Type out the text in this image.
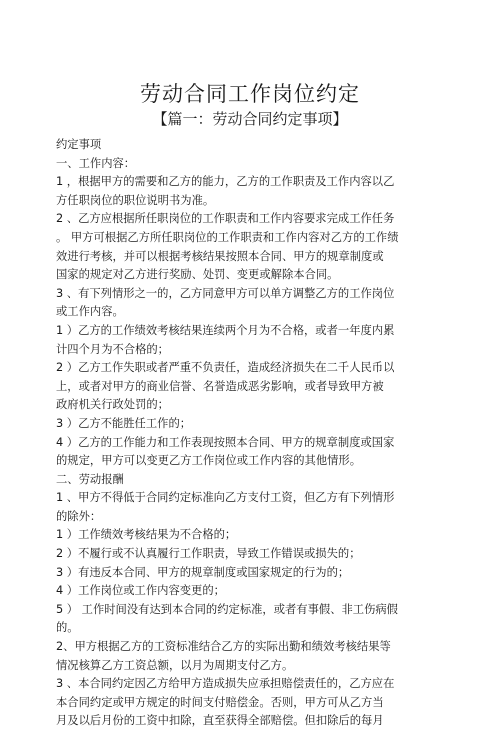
劳动合同工作岗位约定
【篇一：劳动合同约定事项】

约定事项

一、工作内容：

1 ，根据甲方的需要和乙方的能力，乙方的工作职责及工作内容以乙

方任职岗位的职位说明书为准。

2 、乙方应根据所任职岗位的工作职责和工作内容要求完成工作任务

。 甲方可根据乙方所任职岗位的工作职责和工作内容对乙方的工作绩

效进行考核，并可以根据考核结果按照本合同、甲方的规章制度或

国家的规定对乙方进行奖励、处罚、变更或解除本合同。

3 、有下列情形之一的，乙方同意甲方可以单方调整乙方的工作岗位

或工作内容。

1 ）乙方的工作绩效考核结果连续两个月为不合格，或者一年度内累

计四个月为不合格的；

2 ）乙方工作失职或者严重不负责任，造成经济损失在二千人民币以

上，或者对甲方的商业信誉、名誉造成恶劣影响，或者导致甲方被

政府机关行政处罚的；

3 ）乙方不能胜任工作的；

4 ）乙方的工作能力和工作表现按照本合同、甲方的规章制度或国家

的规定，甲方可以变更乙方工作岗位或工作内容的其他情形。

二、劳动报酬

1 、甲方不得低于合同约定标准向乙方支付工资，但乙方有下列情形

的除外：

1 ）工作绩效考核结果为不合格的；

2 ）不履行或不认真履行工作职责，导致工作错误或损失的；

3 ）有违反本合同、甲方的规章制度或国家规定的行为的；

4 ）工作岗位或工作内容变更的；

5 ） 工作时间没有达到本合同的约定标准，或者有事假、非工伤病假

的。

2、甲方根据乙方的工资标准结合乙方的实际出勤和绩效考核结果等

情况核算乙方工资总额，以月为周期支付乙方。

3 、本合同约定因乙方给甲方造成损失应承担赔偿责任的，乙方应在

本合同约定或甲方规定的时间支付赔偿金。否则，甲方可从乙方当

月及以后月份的工资中扣除，直至获得全部赔偿。但扣除后的每月
